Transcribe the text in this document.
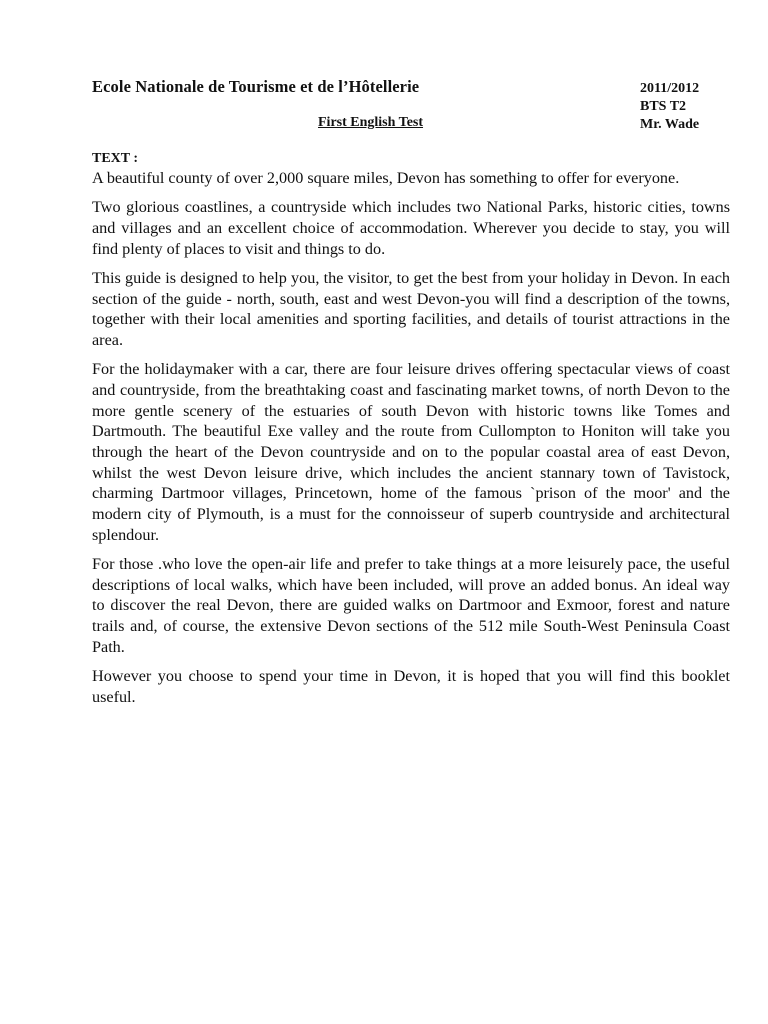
Ecole Nationale de Tourisme et de l’Hôtellerie	2011/2012
BTS T2
Mr. Wade
First English Test
TEXT :

A beautiful county of over 2,000 square miles, Devon has something to offer for everyone.

Two glorious coastlines, a countryside which includes two National Parks, historic cities, towns and villages and an excellent choice of accommodation. Wherever you decide to stay, you will find plenty of places to visit and things to do.

This guide is designed to help you, the visitor, to get the best from your holiday in Devon. In each section of the guide - north, south, east and west Devon-you will find a description of the towns, together with their local amenities and sporting facilities, and details of tourist attractions in the area.

For the holidaymaker with a car, there are four leisure drives offering spectacular views of coast and countryside, from the breathtaking coast and fascinating market towns, of north Devon to the more gentle scenery of the estuaries of south Devon with historic towns like Tomes and Dartmouth. The beautiful Exe valley and the route from Cullompton to Honiton will take you through the heart of the Devon countryside and on to the popular coastal area of east Devon, whilst the west Devon leisure drive, which includes the ancient stannary town of Tavistock, charming Dartmoor villages, Princetown, home of the famous `prison of the moor' and the modern city of Plymouth, is a must for the connoisseur of superb countryside and architectural splendour.

For those .who love the open-air life and prefer to take things at a more leisurely pace, the useful descriptions of local walks, which have been included, will prove an added bonus. An ideal way to discover the real Devon, there are guided walks on Dartmoor and Exmoor, forest and nature trails and, of course, the extensive Devon sections of the 512 mile South-West Peninsula Coast Path.

However you choose to spend your time in Devon, it is hoped that you will find this booklet useful.
